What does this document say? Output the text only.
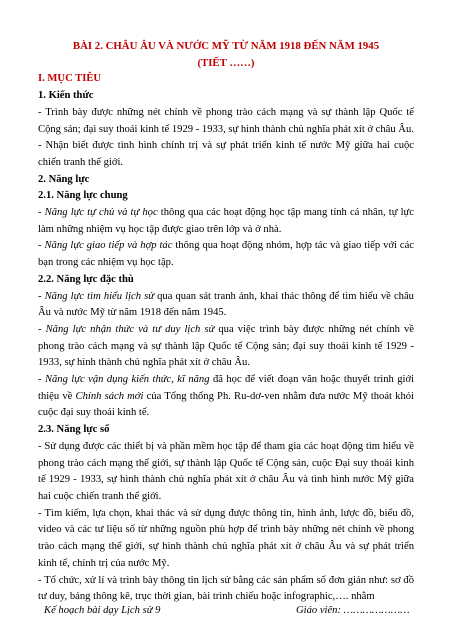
BÀI 2. CHÂU ÂU VÀ NƯỚC MỸ TỪ NĂM 1918 ĐẾN NĂM 1945

(TIẾT ……)

I. MỤC TIÊU

1. Kiến thức

- Trình bày được những nét chính về phong trào cách mạng và sự thành lập Quốc tế Cộng sản; đại suy thoái kinh tế 1929 - 1933, sự hình thành chủ nghĩa phát xít ở châu Âu.

- Nhận biết được tình hình chính trị và sự phát triển kinh tế nước Mỹ giữa hai cuộc chiến tranh thế giới.

2. Năng lực

2.1. Năng lực chung

- Năng lực tự chủ và tự học thông qua các hoạt động học tập mang tính cá nhân, tự lực làm những nhiệm vụ học tập được giao trên lớp và ở nhà.

- Năng lực giao tiếp và hợp tác thông qua hoạt động nhóm, hợp tác và giao tiếp với các bạn trong các nhiệm vụ học tập.

2.2. Năng lực đặc thù

- Năng lực tìm hiểu lịch sử qua quan sát tranh ảnh, khai thác thông để tìm hiểu về châu Âu và nước Mỹ từ năm 1918 đến năm 1945.

- Năng lực nhận thức và tư duy lịch sử qua việc trình bày được những nét chính về phong trào cách mạng và sự thành lập Quốc tế Cộng sản; đại suy thoái kinh tế 1929 - 1933, sự hình thành chủ nghĩa phát xít ở châu Âu.

- Năng lực vận dụng kiến thức, kĩ năng đã học để viết đoạn văn hoặc thuyết trình giới thiệu về Chính sách mới của Tổng thống Ph. Ru-dơ-ven nhằm đưa nước Mỹ thoát khỏi cuộc đại suy thoái kinh tế.

2.3. Năng lực số

- Sử dụng được các thiết bị và phần mềm học tập để tham gia các hoạt động tìm hiểu về phong trào cách mạng thế giới, sự thành lập Quốc tế Cộng sản, cuộc Đại suy thoái kinh tế 1929 - 1933, sự hình thành chủ nghĩa phát xít ở châu Âu và tình hình nước Mỹ giữa hai cuộc chiến tranh thế giới.

- Tìm kiếm, lựa chọn, khai thác và sử dụng được thông tin, hình ảnh, lược đồ, biểu đồ, video và các tư liệu số từ những nguồn phù hợp để trình bày những nét chính về phong trào cách mạng thế giới, sự hình thành chủ nghĩa phát xít ở châu Âu và sự phát triển kinh tế, chính trị của nước Mỹ.

- Tổ chức, xử lí và trình bày thông tin lịch sử bằng các sản phẩm số đơn giản như: sơ đồ tư duy, bảng thông kê, trục thời gian, bài trình chiếu hoặc infographic,…. nhằm

Kế hoạch bài dạy Lịch sử 9	Giáo viên: …………………
